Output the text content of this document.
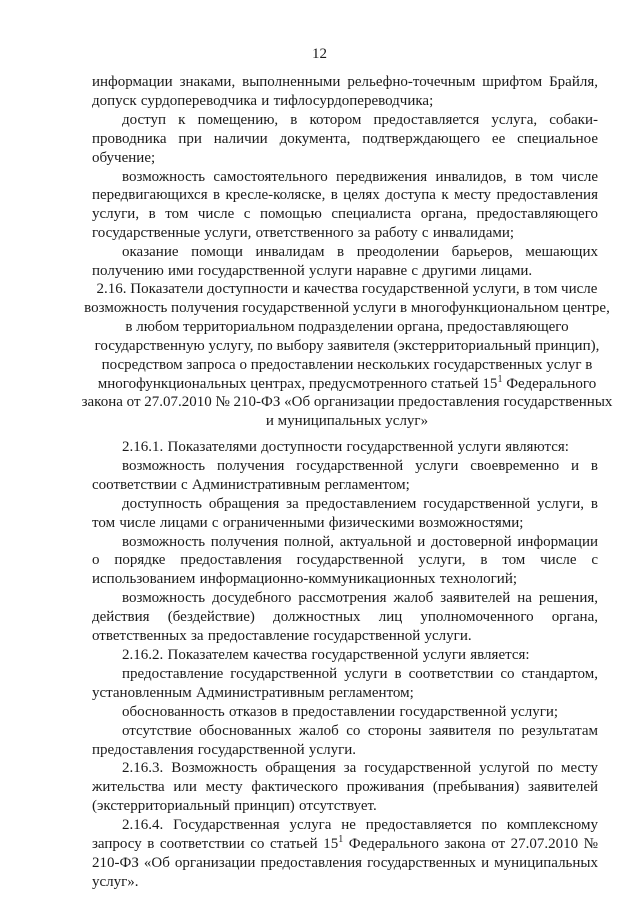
12
информации знаками, выполненными рельефно-точечным шрифтом Брайля, допуск сурдопереводчика и тифлосурдопереводчика;
доступ к помещению, в котором предоставляется услуга, собаки-проводника при наличии документа, подтверждающего ее специальное обучение;
возможность самостоятельного передвижения инвалидов, в том числе передвигающихся в кресле-коляске, в целях доступа к месту предоставления услуги, в том числе с помощью специалиста органа, предоставляющего государственные услуги, ответственного за работу с инвалидами;
оказание помощи инвалидам в преодолении барьеров, мешающих получению ими государственной услуги наравне с другими лицами.
2.16. Показатели доступности и качества государственной услуги, в том числе возможность получения государственной услуги в многофункциональном центре, в любом территориальном подразделении органа, предоставляющего государственную услугу, по выбору заявителя (экстерриториальный принцип), посредством запроса о предоставлении нескольких государственных услуг в многофункциональных центрах, предусмотренного статьей $15^1$ Федерального закона от 27.07.2010 № 210-ФЗ «Об организации предоставления государственных и муниципальных услуг»
2.16.1. Показателями доступности государственной услуги являются:
возможность получения государственной услуги своевременно и в соответствии с Административным регламентом;
доступность обращения за предоставлением государственной услуги, в том числе лицами с ограниченными физическими возможностями;
возможность получения полной, актуальной и достоверной информации о порядке предоставления государственной услуги, в том числе с использованием информационно-коммуникационных технологий;
возможность досудебного рассмотрения жалоб заявителей на решения, действия (бездействие) должностных лиц уполномоченного органа, ответственных за предоставление государственной услуги.
2.16.2. Показателем качества государственной услуги является:
предоставление государственной услуги в соответствии со стандартом, установленным Административным регламентом;
обоснованность отказов в предоставлении государственной услуги;
отсутствие обоснованных жалоб со стороны заявителя по результатам предоставления государственной услуги.
2.16.3. Возможность обращения за государственной услугой по месту жительства или месту фактического проживания (пребывания) заявителей (экстерриториальный принцип) отсутствует.
2.16.4. Государственная услуга не предоставляется по комплексному запросу в соответствии со статьей $15^1$ Федерального закона от 27.07.2010 № 210-ФЗ «Об организации предоставления государственных и муниципальных услуг».
